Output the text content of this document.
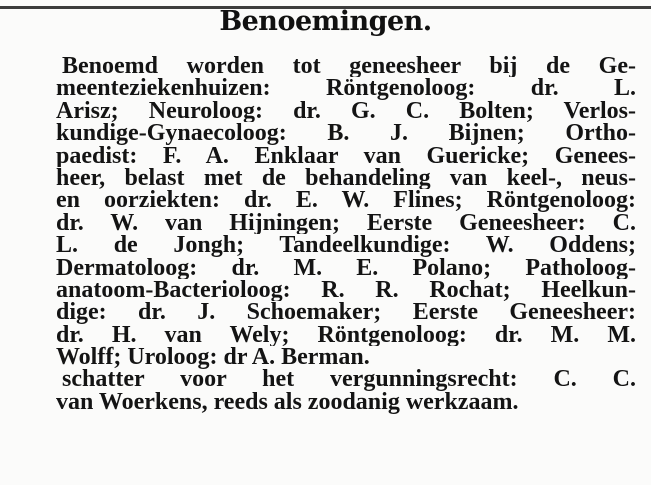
Benoemingen.
Benoemd worden tot geneesheer bij de Ge-
meenteziekenhuizen: Röntgenoloog: dr. L.
Arisz; Neuroloog: dr. G. C. Bolten; Verlos-
kundige-Gynaecoloog: B. J. Bijnen; Ortho-
paedist: F. A. Enklaar van Guericke; Genees-
heer, belast met de behandeling van keel-, neus-
en oorziekten: dr. E. W. Flines; Röntgenoloog:
dr. W. van Hijningen; Eerste Geneesheer: C.
L. de Jongh; Tandeelkundige: W. Oddens;
Dermatoloog: dr. M. E. Polano; Patholoog-
anatoom-Bacterioloog: R. R. Rochat; Heelkun-
dige: dr. J. Schoemaker; Eerste Geneesheer:
dr. H. van Wely; Röntgenoloog: dr. M. M.
Wolff; Uroloog: dr A. Berman.
schatter voor het vergunningsrecht: C. C.
van Woerkens, reeds als zoodanig werkzaam.
